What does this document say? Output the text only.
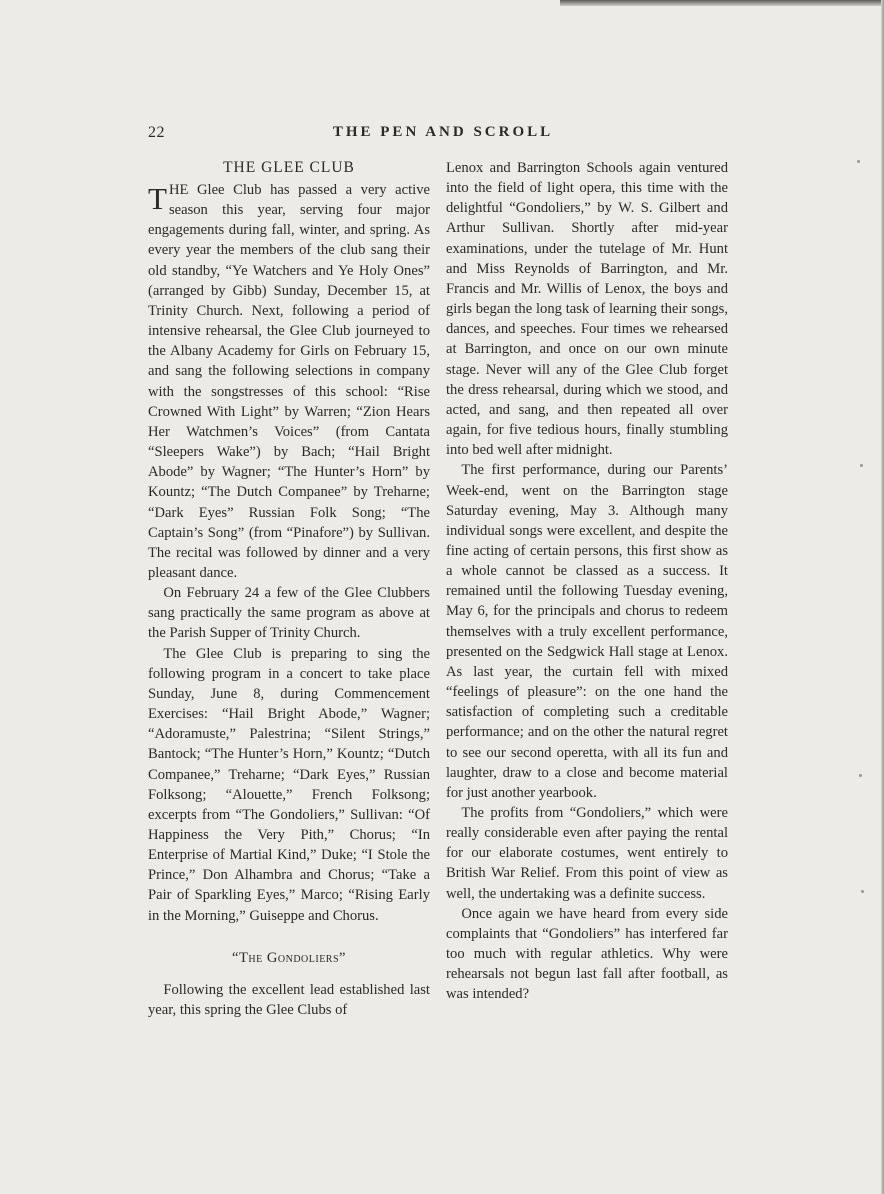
22	THE PEN AND SCROLL
THE GLEE CLUB

THE Glee Club has passed a very active season this year, serving four major engagements during fall, winter, and spring. As every year the members of the club sang their old standby, “Ye Watchers and Ye Holy Ones” (arranged by Gibb) Sunday, December 15, at Trinity Church. Next, following a period of intensive rehearsal, the Glee Club journeyed to the Albany Academy for Girls on February 15, and sang the following selections in company with the songstresses of this school: “Rise Crowned With Light” by Warren; “Zion Hears Her Watchmen’s Voices” (from Cantata “Sleepers Wake”) by Bach; “Hail Bright Abode” by Wagner; “The Hunter’s Horn” by Kountz; “The Dutch Companee” by Treharne; “Dark Eyes” Russian Folk Song; “The Captain’s Song” (from “Pinafore”) by Sullivan. The recital was followed by dinner and a very pleasant dance.

On February 24 a few of the Glee Clubbers sang practically the same program as above at the Parish Supper of Trinity Church.

The Glee Club is preparing to sing the following program in a concert to take place Sunday, June 8, during Commencement Exercises: “Hail Bright Abode,” Wagner; “Adoramuste,” Palestrina; “Silent Strings,” Bantock; “The Hunter’s Horn,” Kountz; “Dutch Companee,” Treharne; “Dark Eyes,” Russian Folksong; “Alouette,” French Folksong; excerpts from “The Gondoliers,” Sullivan: “Of Happiness the Very Pith,” Chorus; “In Enterprise of Martial Kind,” Duke; “I Stole the Prince,” Don Alhambra and Chorus; “Take a Pair of Sparkling Eyes,” Marco; “Rising Early in the Morning,” Guiseppe and Chorus.

“The Gondoliers”

Following the excellent lead established last year, this spring the Glee Clubs of

Lenox and Barrington Schools again ventured into the field of light opera, this time with the delightful “Gondoliers,” by W. S. Gilbert and Arthur Sullivan. Shortly after mid-year examinations, under the tutelage of Mr. Hunt and Miss Reynolds of Barrington, and Mr. Francis and Mr. Willis of Lenox, the boys and girls began the long task of learning their songs, dances, and speeches. Four times we rehearsed at Barrington, and once on our own minute stage. Never will any of the Glee Club forget the dress rehearsal, during which we stood, and acted, and sang, and then repeated all over again, for five tedious hours, finally stumbling into bed well after midnight.

The first performance, during our Parents’ Week-end, went on the Barrington stage Saturday evening, May 3. Although many individual songs were excellent, and despite the fine acting of certain persons, this first show as a whole cannot be classed as a success. It remained until the following Tuesday evening, May 6, for the principals and chorus to redeem themselves with a truly excellent performance, presented on the Sedgwick Hall stage at Lenox. As last year, the curtain fell with mixed “feelings of pleasure”: on the one hand the satisfaction of completing such a creditable performance; and on the other the natural regret to see our second operetta, with all its fun and laughter, draw to a close and become material for just another yearbook.

The profits from “Gondoliers,” which were really considerable even after paying the rental for our elaborate costumes, went entirely to British War Relief. From this point of view as well, the undertaking was a definite success.

Once again we have heard from every side complaints that “Gondoliers” has interfered far too much with regular athletics. Why were rehearsals not begun last fall after football, as was intended?
